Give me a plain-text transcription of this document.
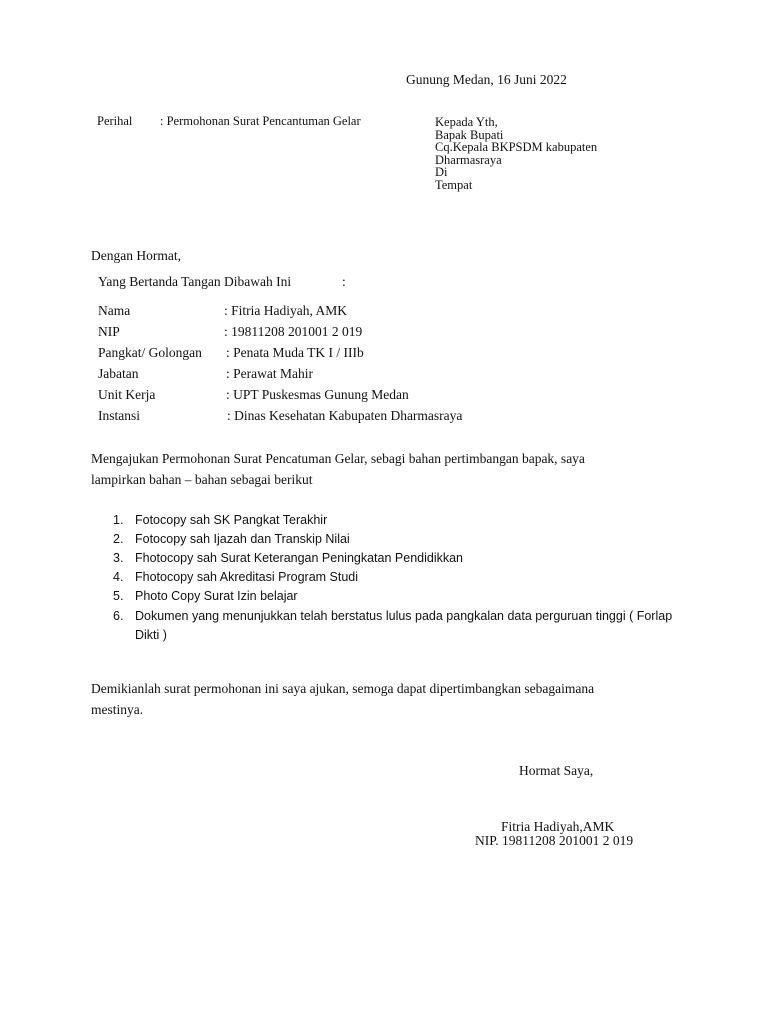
Gunung Medan, 16 Juni 2022
Perihal : Permohonan Surat Pencantuman Gelar	Kepada Yth,
Bapak Bupati
Cq.Kepala BKPSDM kabupaten
Dharmasraya
Di
Tempat
Dengan Hormat,
Yang Bertanda Tangan Dibawah Ini	:
Nama	: Fitria Hadiyah, AMK
NIP	: 19811208 201001 2 019
Pangkat/ Golongan : Penata Muda TK I / IIIb
Jabatan	: Perawat Mahir
Unit Kerja	: UPT Puskesmas Gunung Medan
Instansi	: Dinas Kesehatan Kabupaten Dharmasraya
Mengajukan Permohonan Surat Pencatuman Gelar, sebagi bahan pertimbangan bapak, saya
lampirkan bahan – bahan sebagai berikut
1. Fotocopy sah SK Pangkat Terakhir
2. Fotocopy sah Ijazah dan Transkip Nilai
3. Fhotocopy sah Surat Keterangan Peningkatan Pendidikkan
4. Fhotocopy sah Akreditasi Program Studi
5. Photo Copy Surat Izin belajar
6. Dokumen yang menunjukkan telah berstatus lulus pada pangkalan data perguruan tinggi ( Forlap
Dikti )
Demikianlah surat permohonan ini saya ajukan, semoga dapat dipertimbangkan sebagaimana
mestinya.
Hormat Saya,
Fitria Hadiyah,AMK
NIP. 19811208 201001 2 019
